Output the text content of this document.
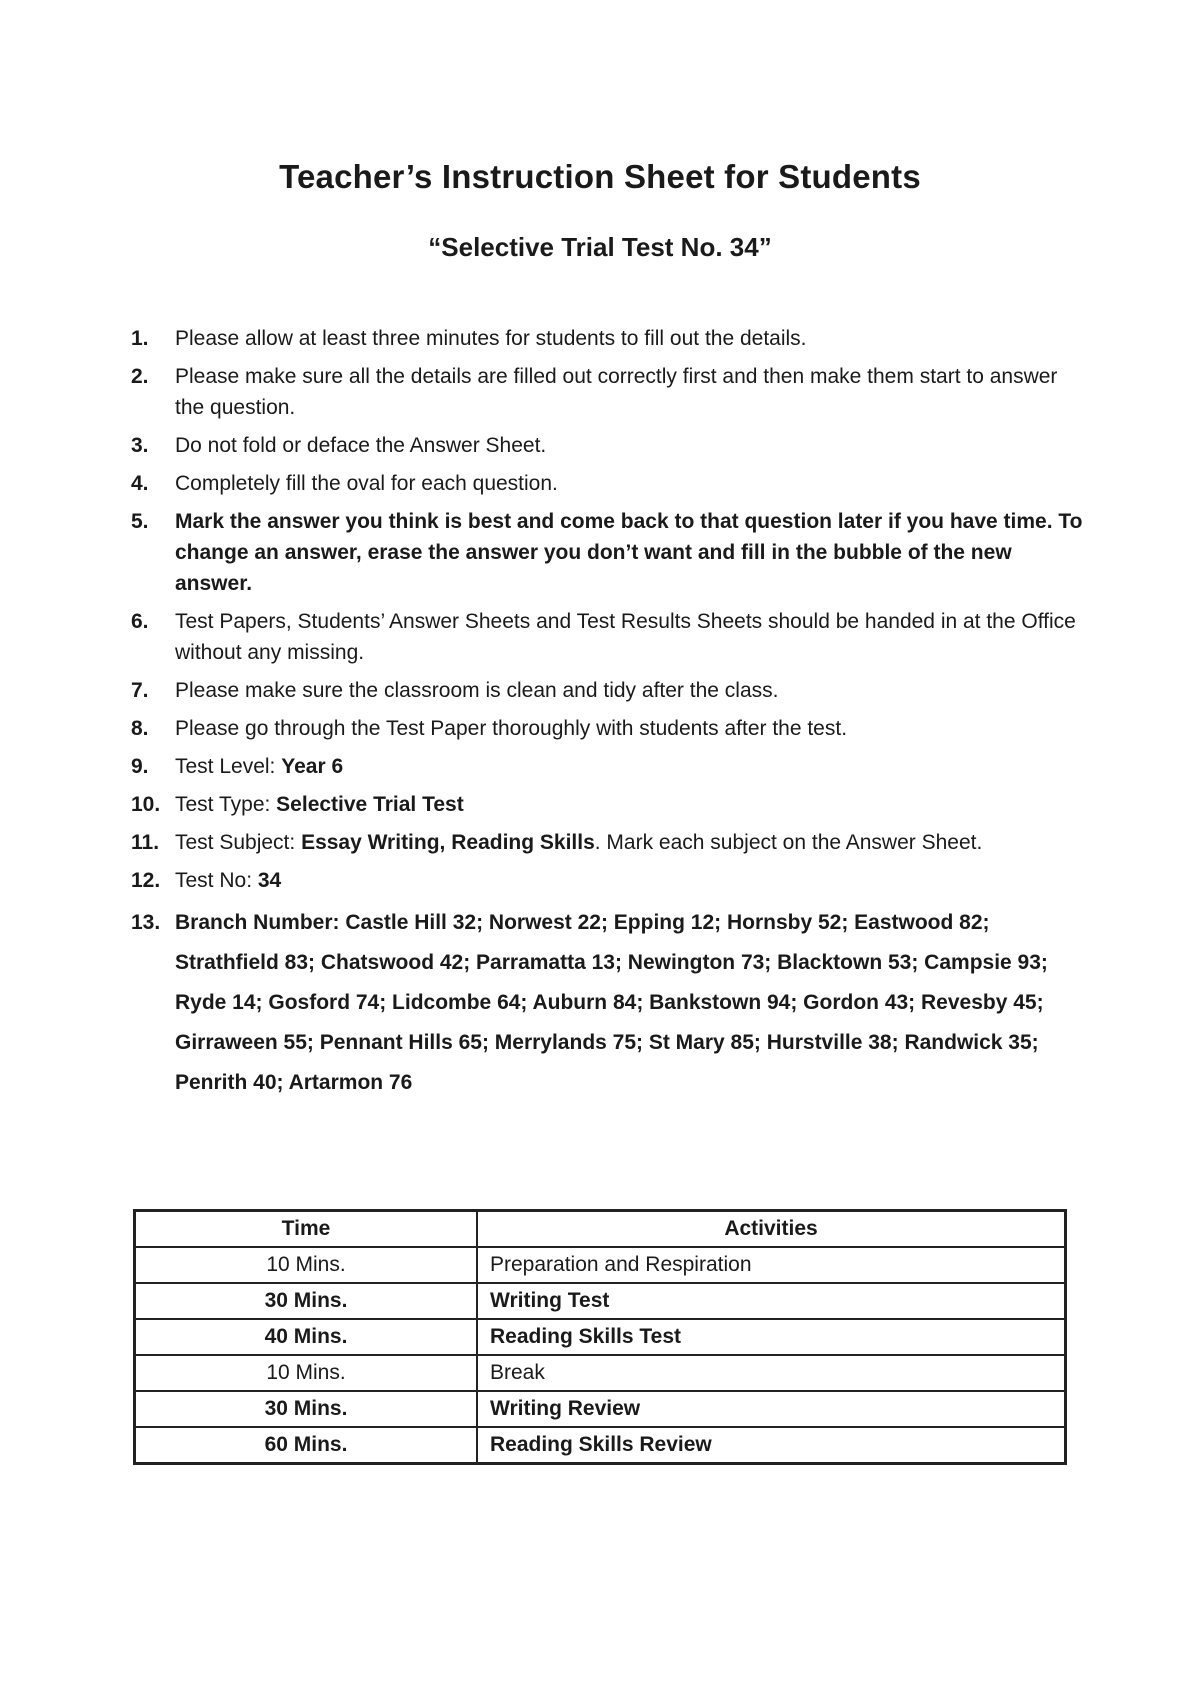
Teacher’s Instruction Sheet for Students
“Selective Trial Test No. 34”
1. Please allow at least three minutes for students to fill out the details.
2. Please make sure all the details are filled out correctly first and then make them start to answer the question.
3. Do not fold or deface the Answer Sheet.
4. Completely fill the oval for each question.
5. Mark the answer you think is best and come back to that question later if you have time. To change an answer, erase the answer you don’t want and fill in the bubble of the new answer.
6. Test Papers, Students’ Answer Sheets and Test Results Sheets should be handed in at the Office without any missing.
7. Please make sure the classroom is clean and tidy after the class.
8. Please go through the Test Paper thoroughly with students after the test.
9. Test Level: Year 6
10. Test Type: Selective Trial Test
11. Test Subject: Essay Writing, Reading Skills. Mark each subject on the Answer Sheet.
12. Test No: 34
13. Branch Number: Castle Hill 32; Norwest 22; Epping 12; Hornsby 52; Eastwood 82; Strathfield 83; Chatswood 42; Parramatta 13; Newington 73; Blacktown 53; Campsie 93; Ryde 14; Gosford 74; Lidcombe 64; Auburn 84; Bankstown 94; Gordon 43; Revesby 45; Girraween 55; Pennant Hills 65; Merrylands 75; St Mary 85; Hurstville 38; Randwick 35; Penrith 40; Artarmon 76
Time	Activities
10 Mins.	Preparation and Respiration
30 Mins.	Writing Test
40 Mins.	Reading Skills Test
10 Mins.	Break
30 Mins.	Writing Review
60 Mins.	Reading Skills Review
